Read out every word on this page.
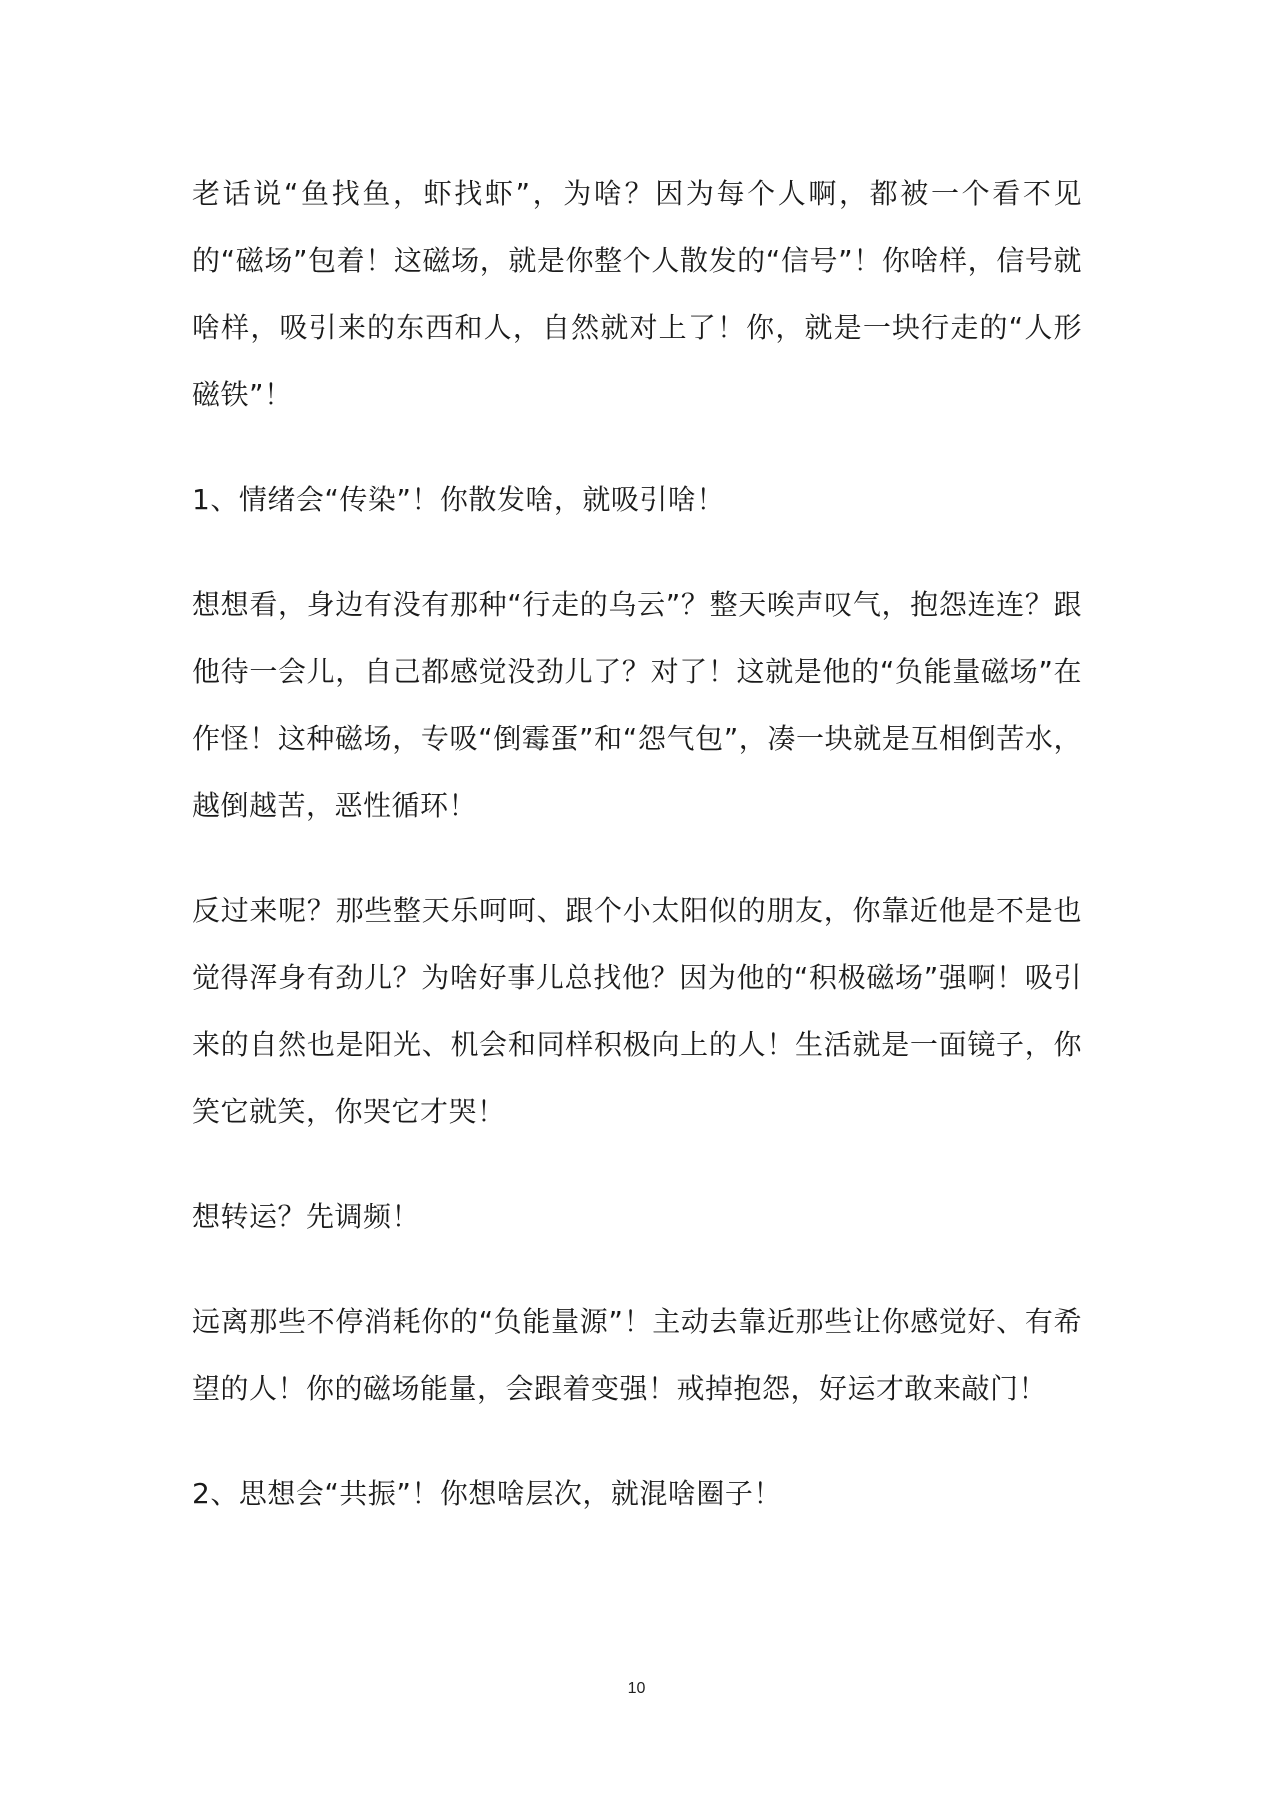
老话说“鱼找鱼，虾找虾”，为啥？因为每个人啊，都被一个看不见的“磁场”包着！这磁场，就是你整个人散发的“信号”！你啥样，信号就啥样，吸引来的东西和人，自然就对上了！你，就是一块行走的“人形磁铁”！

1、情绪会“传染”！你散发啥，就吸引啥！

想想看，身边有没有那种“行走的乌云”？整天唉声叹气，抱怨连连？跟他待一会儿，自己都感觉没劲儿了？对了！这就是他的“负能量磁场”在作怪！这种磁场，专吸“倒霉蛋”和“怨气包”，凑一块就是互相倒苦水，越倒越苦，恶性循环！

反过来呢？那些整天乐呵呵、跟个小太阳似的朋友，你靠近他是不是也觉得浑身有劲儿？为啥好事儿总找他？因为他的“积极磁场”强啊！吸引来的自然也是阳光、机会和同样积极向上的人！生活就是一面镜子，你笑它就笑，你哭它才哭！

想转运？先调频！

远离那些不停消耗你的“负能量源”！主动去靠近那些让你感觉好、有希望的人！你的磁场能量，会跟着变强！戒掉抱怨，好运才敢来敲门！

2、思想会“共振”！你想啥层次，就混啥圈子！

10
